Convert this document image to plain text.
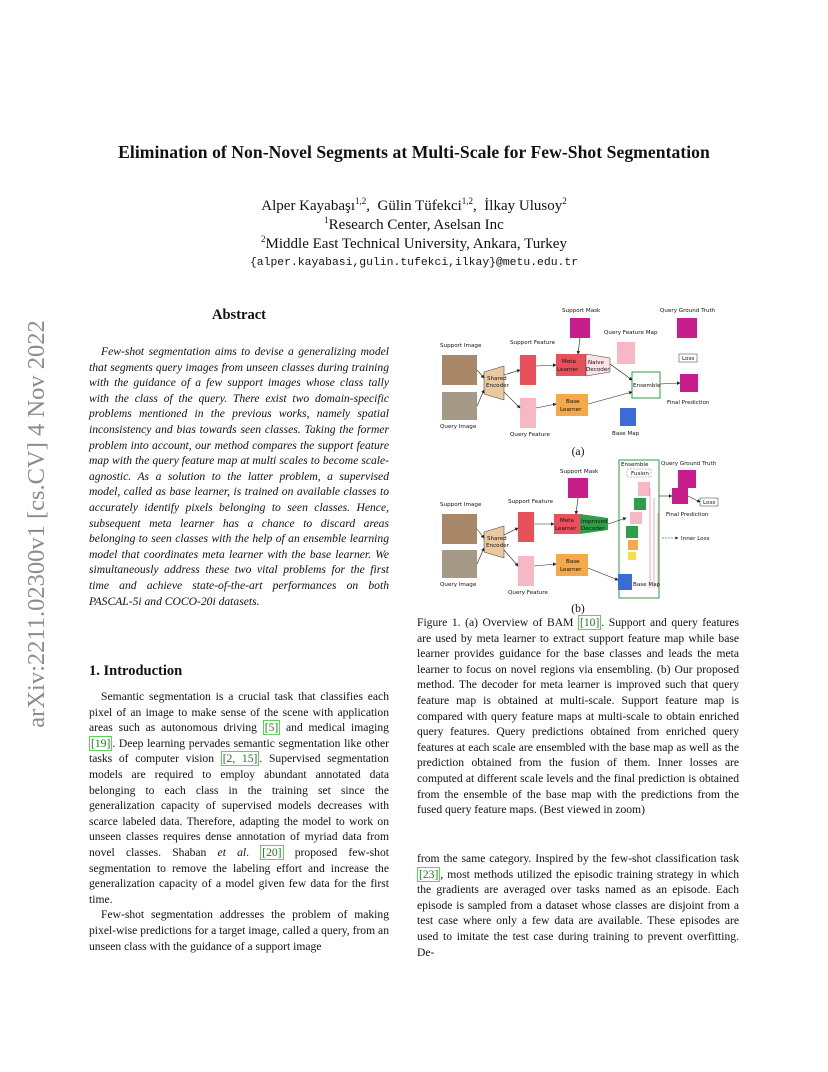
Elimination of Non-Novel Segments at Multi-Scale for Few-Shot Segmentation
Alper Kayabaşı$^{1,2}$,  Gülin Tüfekci$^{1,2}$,  İlkay Ulusoy$^2$
$^1$Research Center, Aselsan Inc
$^2$Middle East Technical University, Ankara, Turkey
{alper.kayabasi,gulin.tufekci,ilkay}@metu.edu.tr
arXiv:2211.02300v1 [cs.CV] 4 Nov 2022
Abstract
Few-shot segmentation aims to devise a generalizing model that segments query images from unseen classes during training with the guidance of a few support images whose class tally with the class of the query. There exist two domain-specific problems mentioned in the previous works, namely spatial inconsistency and bias towards seen classes. Taking the former problem into account, our method compares the support feature map with the query feature map at multi scales to become scale-agnostic. As a solution to the latter problem, a supervised model, called as base learner, is trained on available classes to accurately identify pixels belonging to seen classes. Hence, subsequent meta learner has a chance to discard areas belonging to seen classes with the help of an ensemble learning model that coordinates meta learner with the base learner. We simultaneously address these two vital problems for the first time and achieve state-of-the-art performances on both PASCAL-5i and COCO-20i datasets.
1. Introduction

Semantic segmentation is a crucial task that classifies each pixel of an image to make sense of the scene with application areas such as autonomous driving [5] and medical imaging [19] . Deep learning pervades semantic segmentation like other tasks of computer vision [2, 15] . Supervised segmentation models are required to employ abundant annotated data belonging to each class in the training set since the generalization capacity of supervised models decreases with scarce labeled data. Therefore, adapting the model to work on unseen classes requires dense annotation of myriad data from novel classes. Shaban et al. [20] proposed few-shot segmentation to remove the labeling effort and increase the generalization capacity of a model given few data for the first time.

Few-shot segmentation addresses the problem of making pixel-wise predictions for a target image, called a query, from an unseen class with the guidance of a support image

from the same category. Inspired by the few-shot classification task [23] , most methods utilized the episodic training strategy in which the gradients are averaged over tasks named as an episode. Each episode is sampled from a dataset whose classes are disjoint from a test case where only a few data are available. These episodes are used to imitate the test case during training to prevent overfitting. De-

Support Mask	Query Ground Truth
Query Feature Map
Support Image	Support Feature
Shared
Encoder
Meta
Learner
Naive
Decoder
Loss
Ensemble
Final Prediction
Query Image
Query Feature
Base
Learner
Base Map
(a)
Ensemble
Fusion
Query Ground Truth
Support Mask
Loss
Final Prediction
Support Image	Support Feature
Meta
Learner
Improved
Decoder
Inner Loss
Shared
Encoder
Query Image
Query Feature
Base
Learner
Base Map
(b)
Figure 1. (a) Overview of BAM [10] . Support and query features are used by meta learner to extract support feature map while base learner provides guidance for the base classes and leads the meta learner to focus on novel regions via ensembling. (b) Our proposed method. The decoder for meta learner is improved such that query feature map is obtained at multi-scale. Support feature map is compared with query feature maps at multi-scale to obtain enriched query features. Query predictions obtained from enriched query features at each scale are ensembled with the base map as well as the prediction obtained from the fusion of them. Inner losses are computed at different scale levels and the final prediction is obtained from the ensemble of the base map with the predictions from the fused query feature maps. (Best viewed in zoom)
